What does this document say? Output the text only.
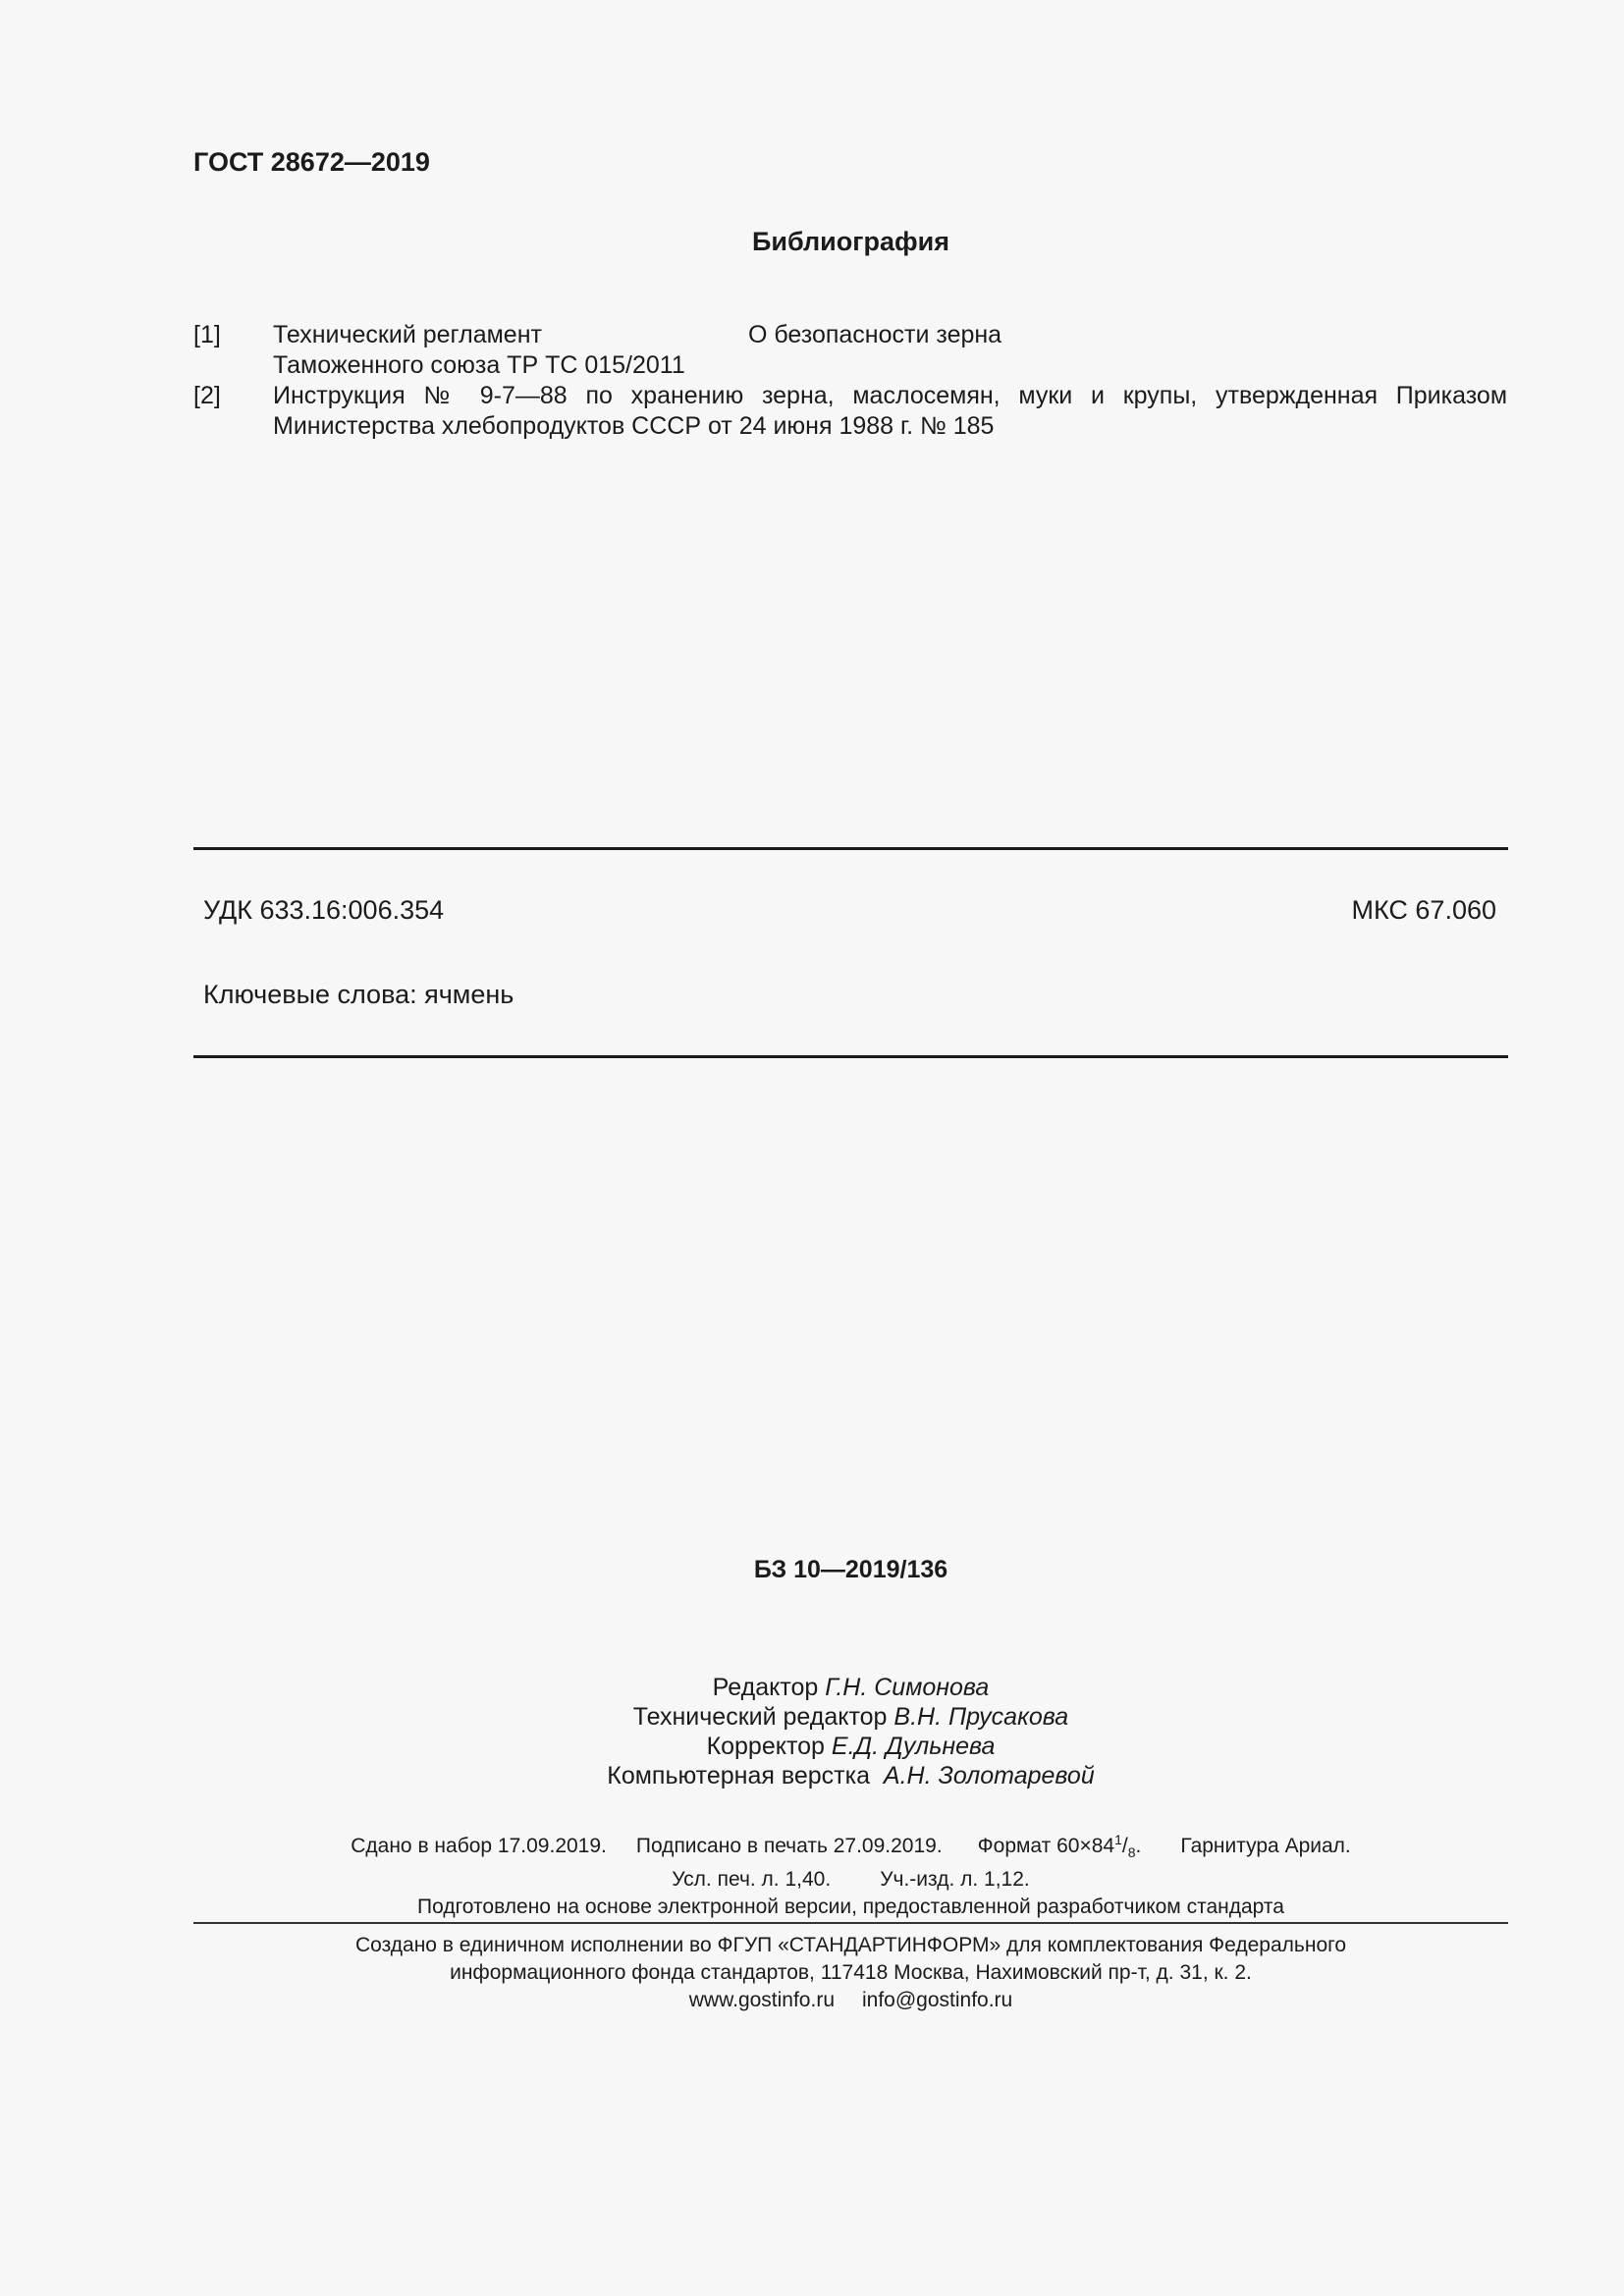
ГОСТ 28672—2019
Библиография
[1] Технический регламент
Таможенного союза ТР ТС 015/2011
О безопасности зерна
[2] Инструкция № 9-7—88 по хранению зерна, маслосемян, муки и крупы, утвержденная Приказом Министерства хлебопродуктов СССР от 24 июня 1988 г. № 185
УДК 633.16:006.354	МКС 67.060
Ключевые слова: ячмень
БЗ 10—2019/136
Редактор Г.Н. Симонова
Технический редактор В.Н. Прусакова
Корректор Е.Д. Дульнева
Компьютерная верстка А.Н. Золотаревой
Сдано в набор 17.09.2019. Подписано в печать 27.09.2019. Формат $60\times 84^1/_8$. Гарнитура Ариал.
Усл. печ. л. 1,40. Уч.-изд. л. 1,12.
Подготовлено на основе электронной версии, предоставленной разработчиком стандарта
Создано в единичном исполнении во ФГУП «СТАНДАРТИНФОРМ» для комплектования Федерального
информационного фонда стандартов, 117418 Москва, Нахимовский пр-т, д. 31, к. 2.
www.gostinfo.ru info@gostinfo.ru
